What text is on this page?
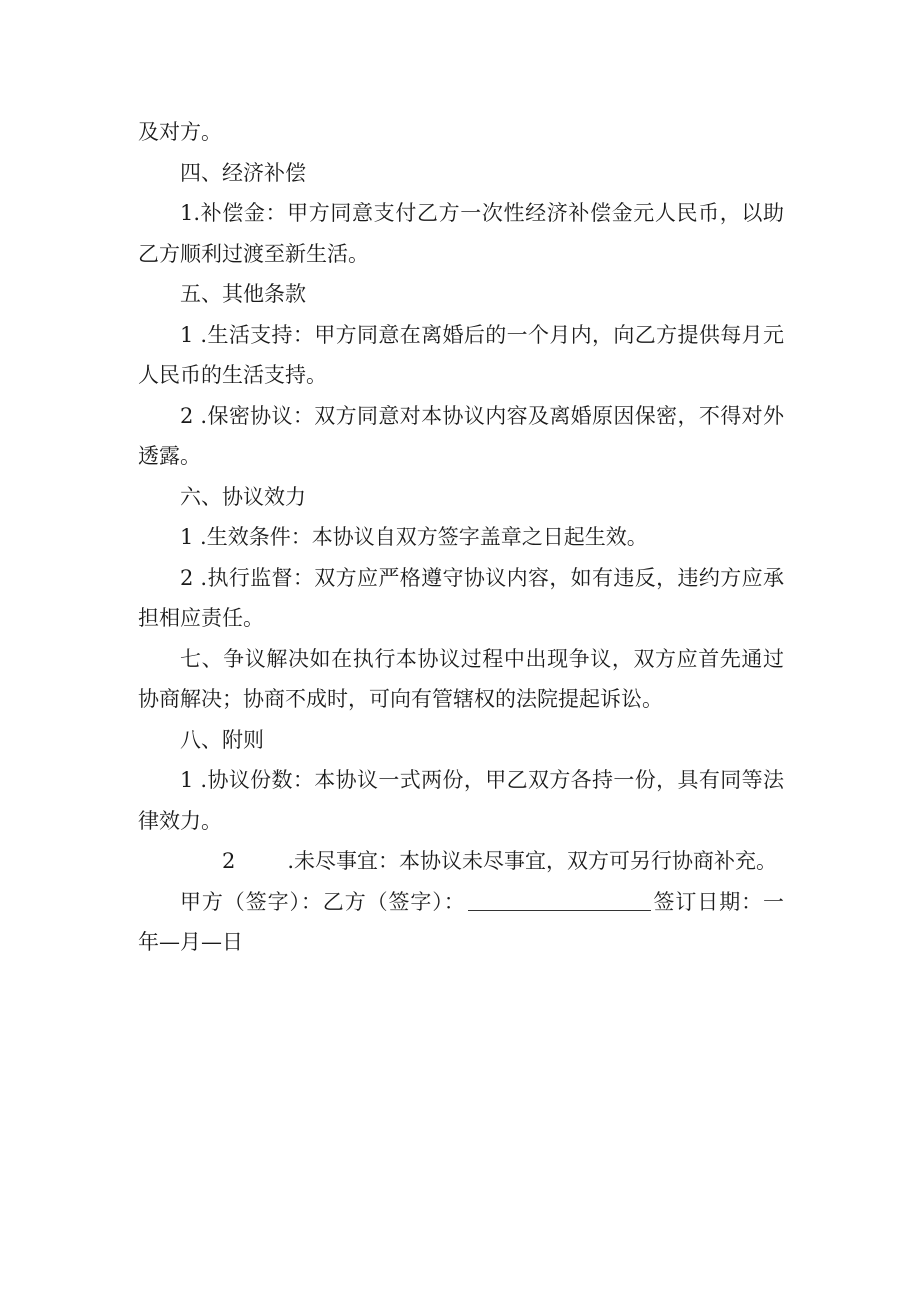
及对方。

四、经济补偿

1.补偿金：甲方同意支付乙方一次性经济补偿金元人民币，以助乙方顺利过渡至新生活。

五、其他条款

1 .生活支持：甲方同意在离婚后的一个月内，向乙方提供每月元人民币的生活支持。

2 .保密协议：双方同意对本协议内容及离婚原因保密，不得对外透露。

六、协议效力

1 .生效条件：本协议自双方签字盖章之日起生效。

2 .执行监督：双方应严格遵守协议内容，如有违反，违约方应承担相应责任。

七、争议解决如在执行本协议过程中出现争议，双方应首先通过协商解决；协商不成时，可向有管辖权的法院提起诉讼。

八、附则

1 .协议份数：本协议一式两份，甲乙双方各持一份，具有同等法律效力。

2 .未尽事宜：本协议未尽事宜，双方可另行协商补充。

甲方（签字）：乙方（签字）：	签订日期：一年—月—日
